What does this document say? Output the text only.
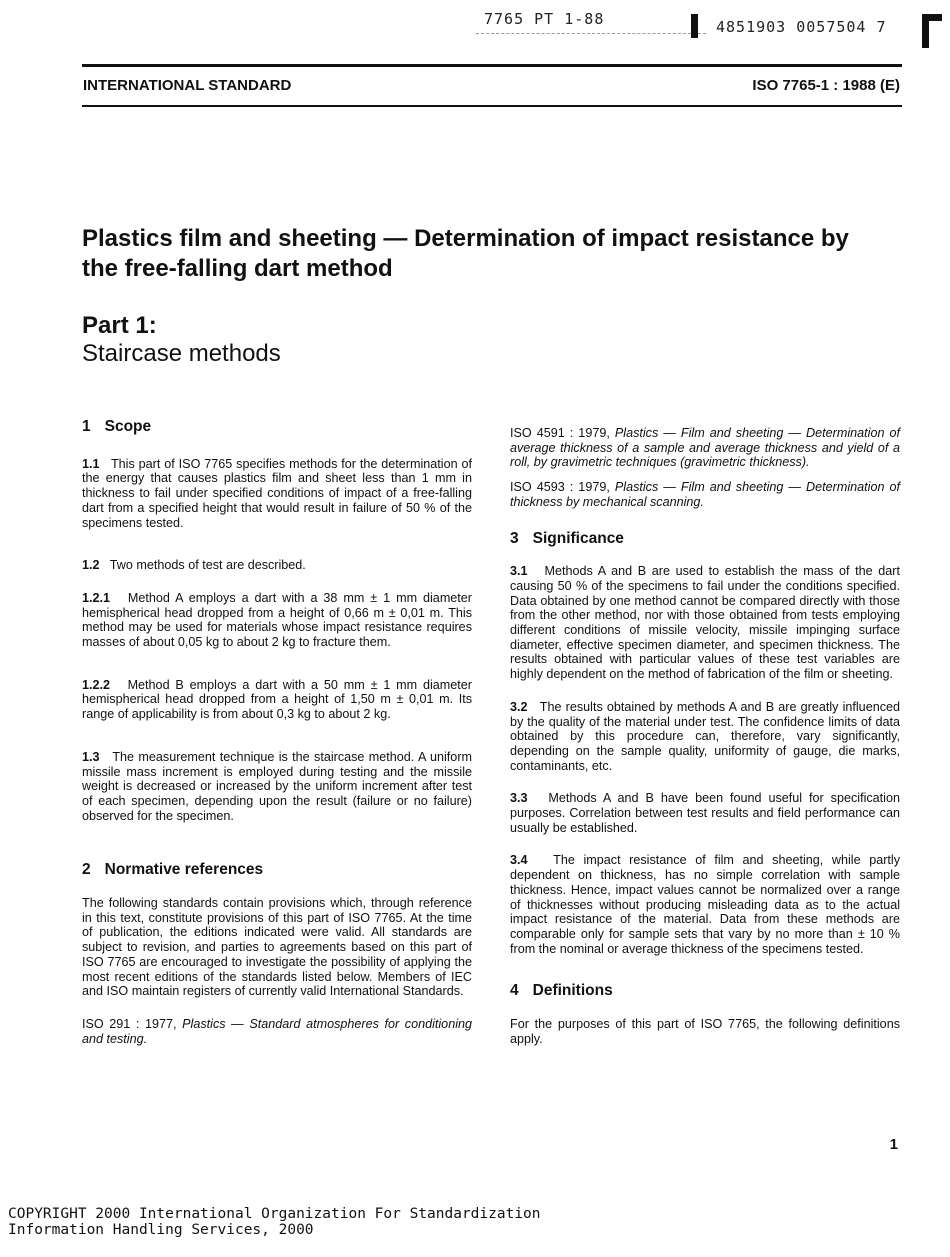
7765 PT 1-88	4851903 0057504 7
INTERNATIONAL STANDARD	ISO 7765-1 : 1988 (E)
Plastics film and sheeting — Determination of impact resistance by the free-falling dart method
Part 1:
Staircase methods
1 Scope

1.1 This part of ISO 7765 specifies methods for the determination of the energy that causes plastics film and sheet less than 1 mm in thickness to fail under specified conditions of impact of a free-falling dart from a specified height that would result in failure of 50 % of the specimens tested.

1.2 Two methods of test are described.

1.2.1 Method A employs a dart with a 38 mm ± 1 mm diameter hemispherical head dropped from a height of 0,66 m ± 0,01 m. This method may be used for materials whose impact resistance requires masses of about 0,05 kg to about 2 kg to fracture them.

1.2.2 Method B employs a dart with a 50 mm ± 1 mm diameter hemispherical head dropped from a height of 1,50 m ± 0,01 m. Its range of applicability is from about 0,3 kg to about 2 kg.

1.3 The measurement technique is the staircase method. A uniform missile mass increment is employed during testing and the missile weight is decreased or increased by the uniform increment after test of each specimen, depending upon the result (failure or no failure) observed for the specimen.

2 Normative references

The following standards contain provisions which, through reference in this text, constitute provisions of this part of ISO 7765. At the time of publication, the editions indicated were valid. All standards are subject to revision, and parties to agreements based on this part of ISO 7765 are encouraged to investigate the possibility of applying the most recent editions of the standards listed below. Members of IEC and ISO maintain registers of currently valid International Standards.

ISO 291 : 1977, Plastics — Standard atmospheres for conditioning and testing.

ISO 4591 : 1979, Plastics — Film and sheeting — Determination of average thickness of a sample and average thickness and yield of a roll, by gravimetric techniques (gravimetric thickness).

ISO 4593 : 1979, Plastics — Film and sheeting — Determination of thickness by mechanical scanning.

3 Significance

3.1 Methods A and B are used to establish the mass of the dart causing 50 % of the specimens to fail under the conditions specified. Data obtained by one method cannot be compared directly with those from the other method, nor with those obtained from tests employing different conditions of missile velocity, missile impinging surface diameter, effective specimen diameter, and specimen thickness. The results obtained with particular values of these test variables are highly dependent on the method of fabrication of the film or sheeting.

3.2 The results obtained by methods A and B are greatly influenced by the quality of the material under test. The confidence limits of data obtained by this procedure can, therefore, vary significantly, depending on the sample quality, uniformity of gauge, die marks, contaminants, etc.

3.3 Methods A and B have been found useful for specification purposes. Correlation between test results and field performance can usually be established.

3.4 The impact resistance of film and sheeting, while partly dependent on thickness, has no simple correlation with sample thickness. Hence, impact values cannot be normalized over a range of thicknesses without producing misleading data as to the actual impact resistance of the material. Data from these methods are comparable only for sample sets that vary by no more than ± 10 % from the nominal or average thickness of the specimens tested.

4 Definitions

For the purposes of this part of ISO 7765, the following definitions apply.

1
COPYRIGHT 2000 International Organization For Standardization
Information Handling Services, 2000
